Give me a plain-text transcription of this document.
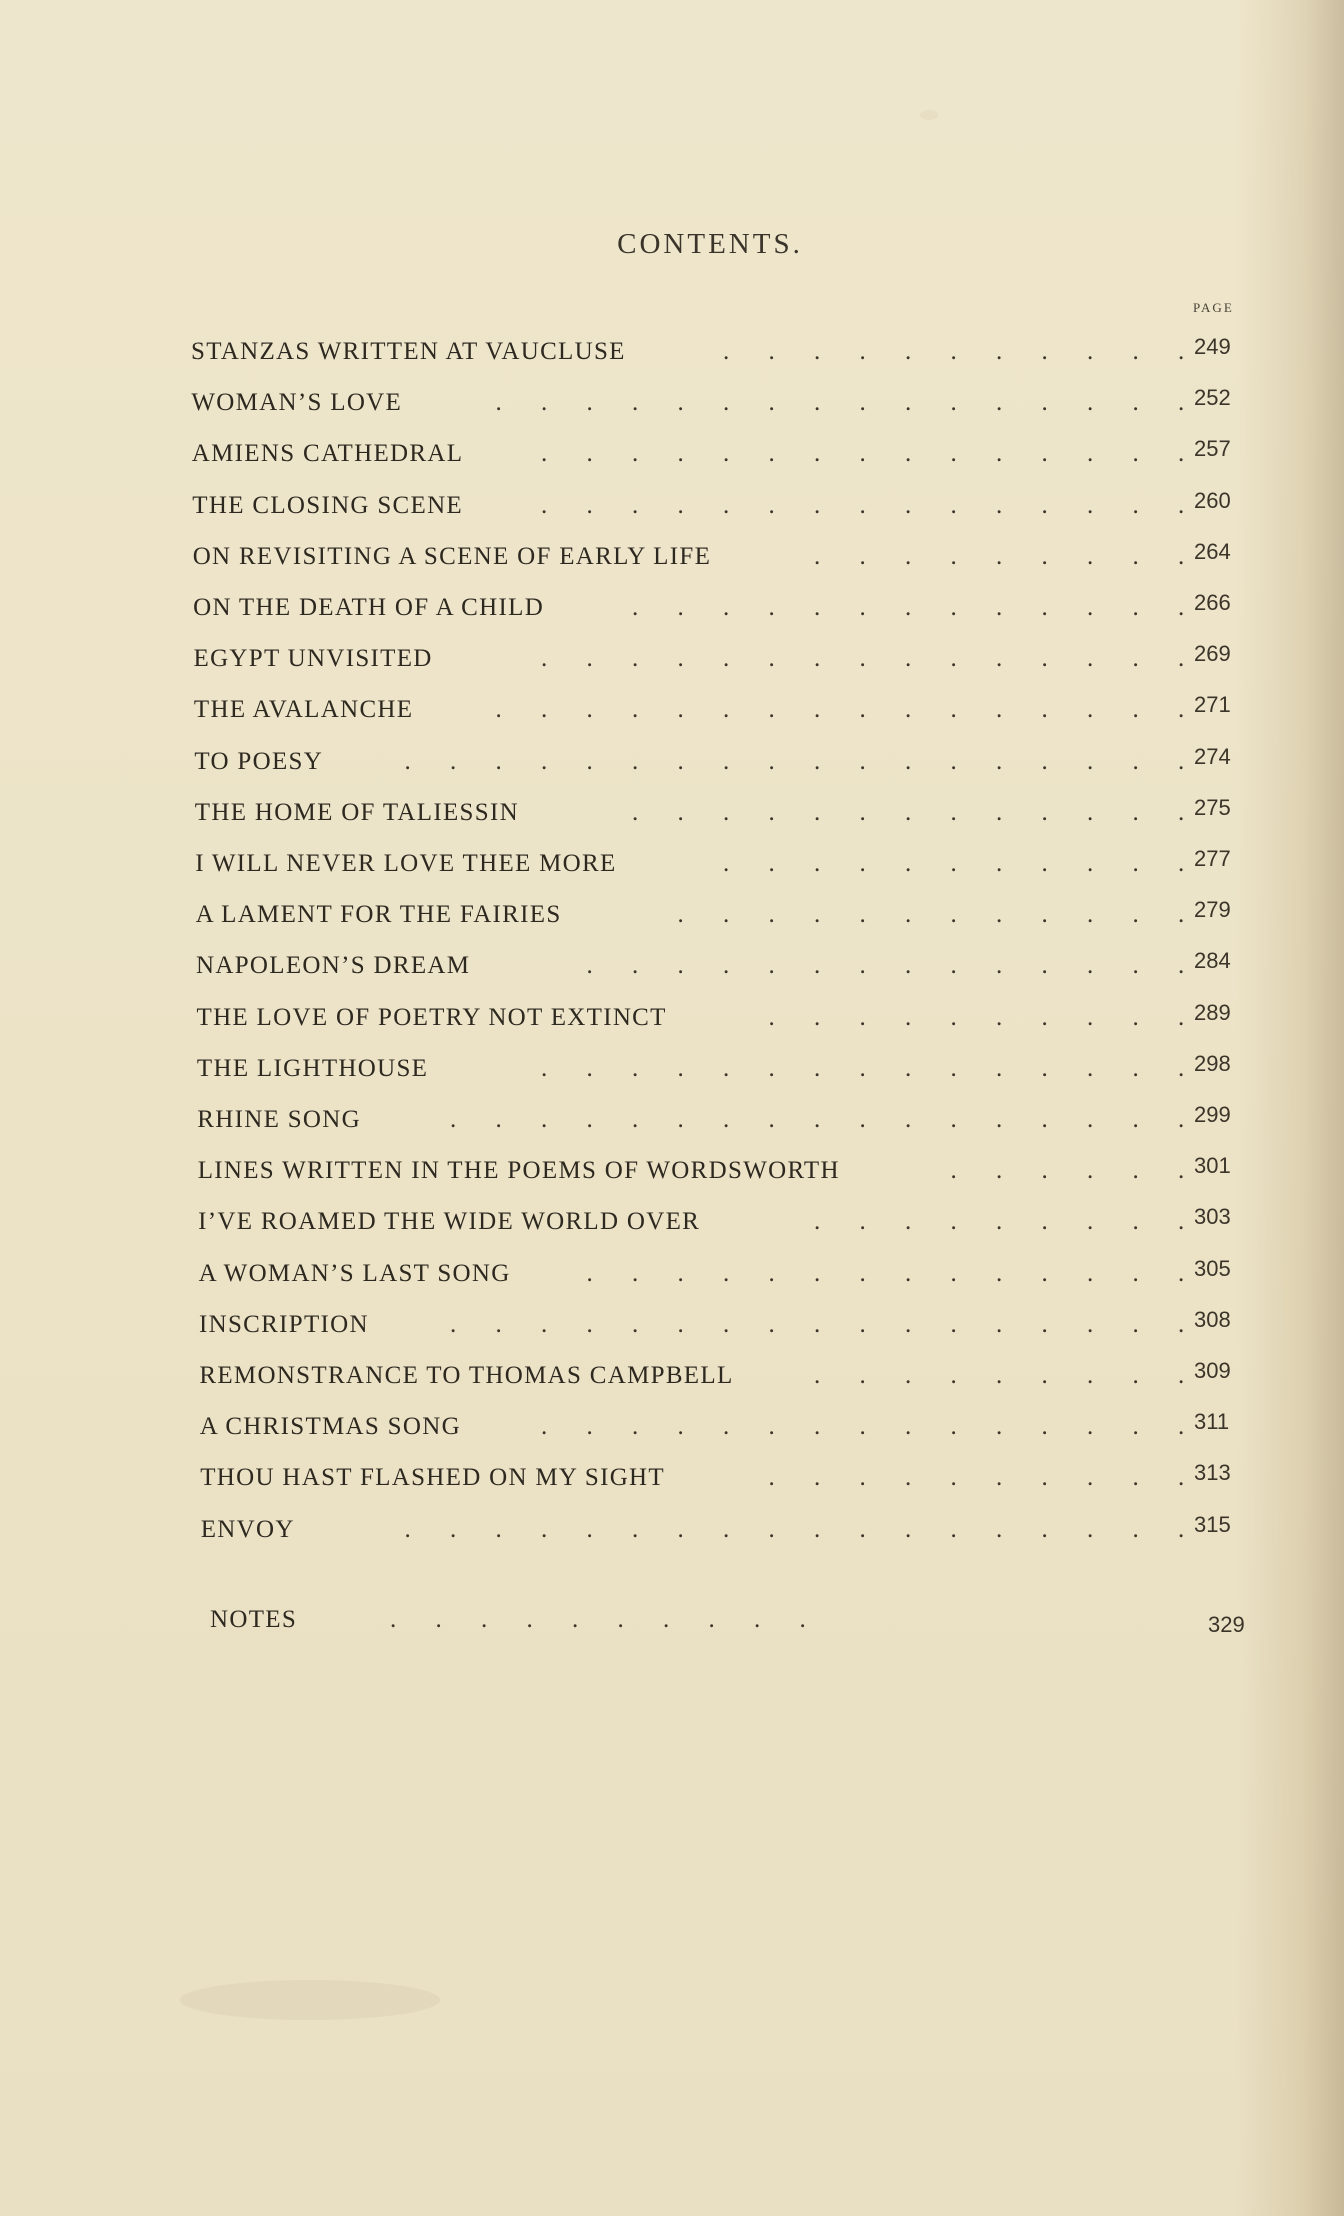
CONTENTS.
PAGE
STANZAS WRITTEN AT VAUCLUSE	249
. . . . . . . . . . .
WOMAN’S LOVE	252
. . . . . . . . . . . . . . . .
AMIENS CATHEDRAL	257
. . . . . . . . . . . . . . .
THE CLOSING SCENE	260
. . . . . . . . . . . . . . .
ON REVISITING A SCENE OF EARLY LIFE	264
. . . . . . . . .
ON THE DEATH OF A CHILD	266
. . . . . . . . . . . . .
EGYPT UNVISITED	269
. . . . . . . . . . . . . . .
THE AVALANCHE	271
. . . . . . . . . . . . . . . .
TO POESY	274
. . . . . . . . . . . . . . . . . .
THE HOME OF TALIESSIN	275
. . . . . . . . . . . . .
I WILL NEVER LOVE THEE MORE	277
. . . . . . . . . . .
A LAMENT FOR THE FAIRIES	279
. . . . . . . . . . . .
NAPOLEON’S DREAM	284
. . . . . . . . . . . . . .
THE LOVE OF POETRY NOT EXTINCT	289
. . . . . . . . . .
THE LIGHTHOUSE	298
. . . . . . . . . . . . . . .
RHINE SONG	299
. . . . . . . . . . . . . . . . .
LINES WRITTEN IN THE POEMS OF WORDSWORTH	301
. . . . . .
I’VE ROAMED THE WIDE WORLD OVER	303
. . . . . . . . .
A WOMAN’S LAST SONG	305
. . . . . . . . . . . . . .
INSCRIPTION	308
. . . . . . . . . . . . . . . . .
REMONSTRANCE TO THOMAS CAMPBELL	309
. . . . . . . . .
A CHRISTMAS SONG	311
. . . . . . . . . . . . . . .
THOU HAST FLASHED ON MY SIGHT	313
. . . . . . . . . .
ENVOY	315
. . . . . . . . . . . . . . . . . .
NOTES	. . . . . . . . . .	329
